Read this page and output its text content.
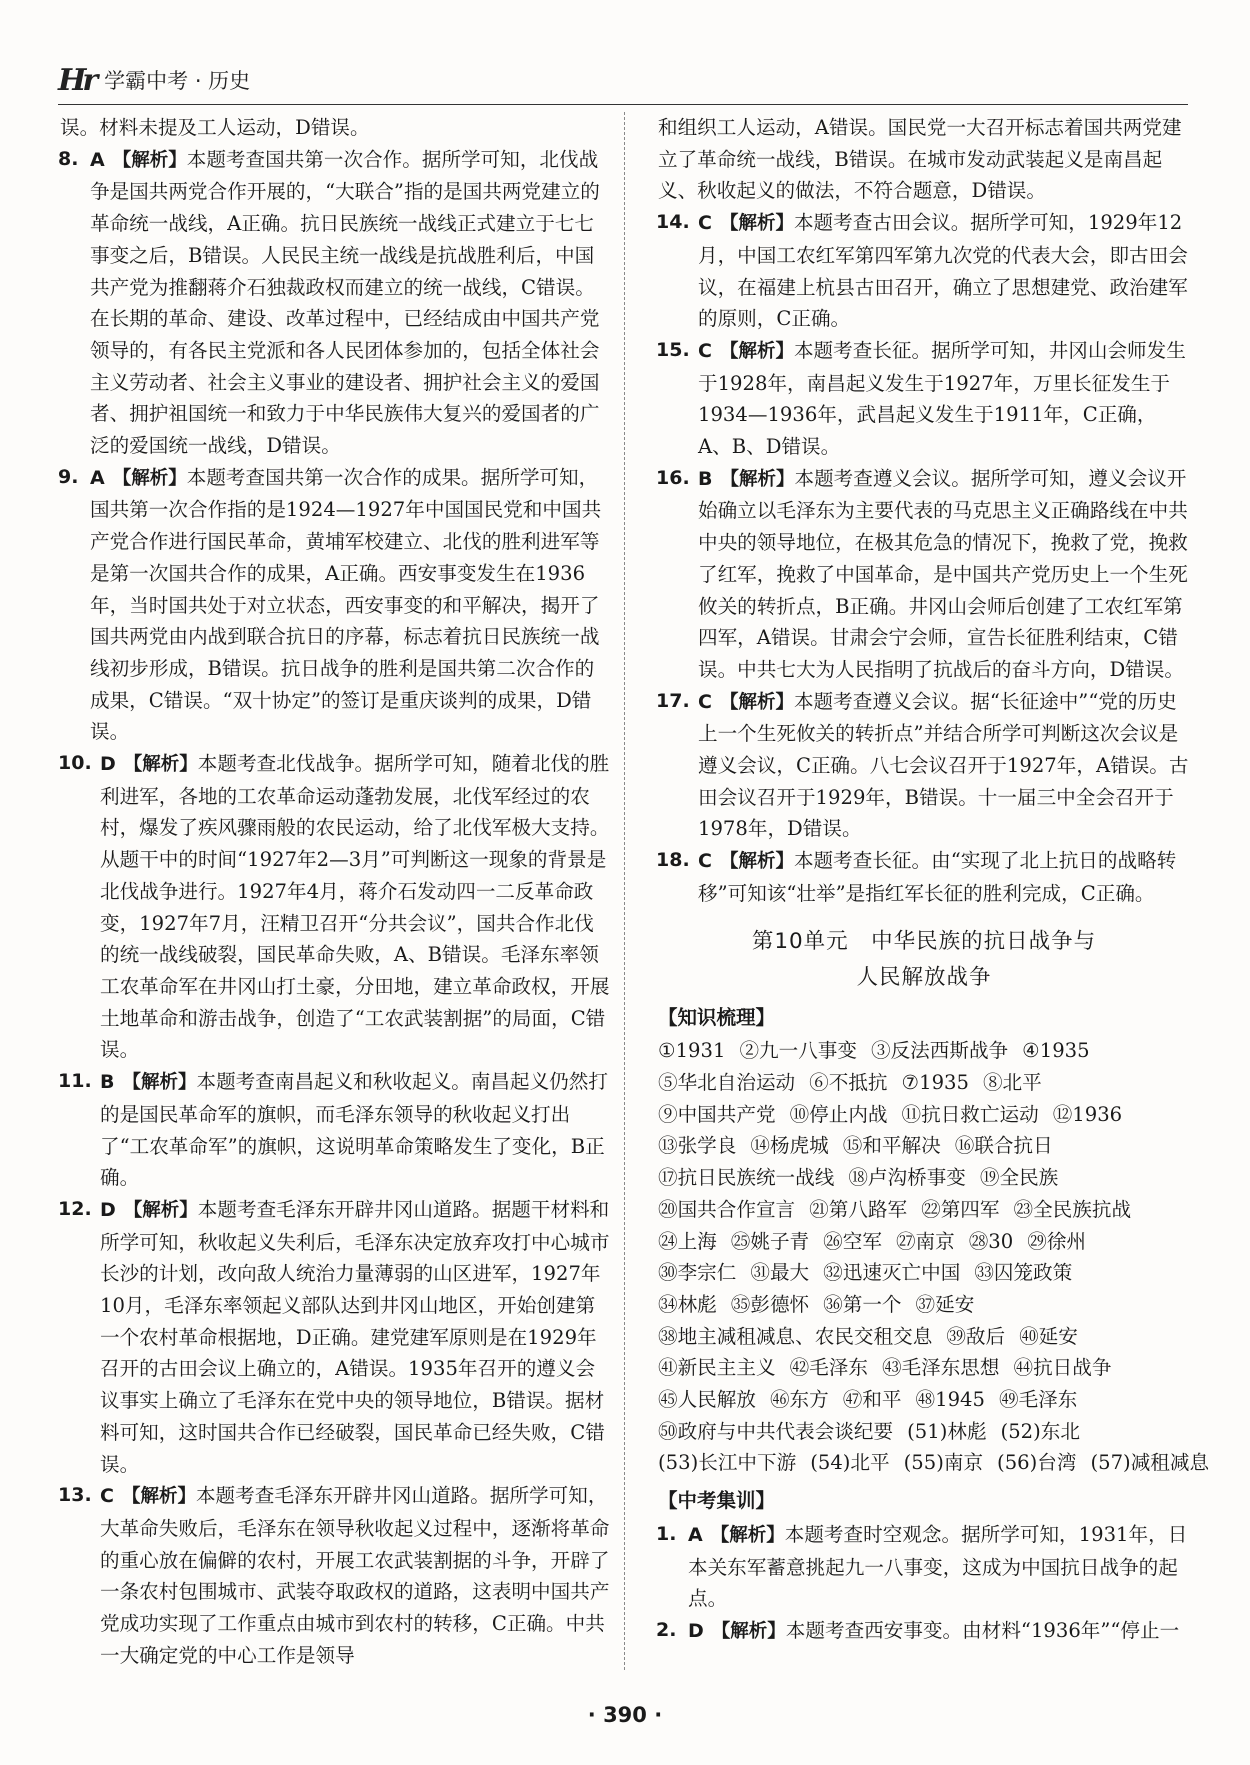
Hr 学霸中考 · 历史

误。材料未提及工人运动，D错误。

8. A 【解析】本题考查国共第一次合作。据所学可知，北伐战争是国共两党合作开展的，“大联合”指的是国共两党建立的革命统一战线，A正确。抗日民族统一战线正式建立于七七事变之后，B错误。人民民主统一战线是抗战胜利后，中国共产党为推翻蒋介石独裁政权而建立的统一战线，C错误。在长期的革命、建设、改革过程中，已经结成由中国共产党领导的，有各民主党派和各人民团体参加的，包括全体社会主义劳动者、社会主义事业的建设者、拥护社会主义的爱国者、拥护祖国统一和致力于中华民族伟大复兴的爱国者的广泛的爱国统一战线，D错误。

9. A 【解析】本题考查国共第一次合作的成果。据所学可知，国共第一次合作指的是1924—1927年中国国民党和中国共产党合作进行国民革命，黄埔军校建立、北伐的胜利进军等是第一次国共合作的成果，A正确。西安事变发生在1936年，当时国共处于对立状态，西安事变的和平解决，揭开了国共两党由内战到联合抗日的序幕，标志着抗日民族统一战线初步形成，B错误。抗日战争的胜利是国共第二次合作的成果，C错误。“双十协定”的签订是重庆谈判的成果，D错误。

10. D 【解析】本题考查北伐战争。据所学可知，随着北伐的胜利进军，各地的工农革命运动蓬勃发展，北伐军经过的农村，爆发了疾风骤雨般的农民运动，给了北伐军极大支持。从题干中的时间“1927年2—3月”可判断这一现象的背景是北伐战争进行。1927年4月，蒋介石发动四一二反革命政变，1927年7月，汪精卫召开“分共会议”，国共合作北伐的统一战线破裂，国民革命失败，A、B错误。毛泽东率领工农革命军在井冈山打土豪，分田地，建立革命政权，开展土地革命和游击战争，创造了“工农武装割据”的局面，C错误。

11. B 【解析】本题考查南昌起义和秋收起义。南昌起义仍然打的是国民革命军的旗帜，而毛泽东领导的秋收起义打出了“工农革命军”的旗帜，这说明革命策略发生了变化，B正确。

12. D 【解析】本题考查毛泽东开辟井冈山道路。据题干材料和所学可知，秋收起义失利后，毛泽东决定放弃攻打中心城市长沙的计划，改向敌人统治力量薄弱的山区进军，1927年10月，毛泽东率领起义部队达到井冈山地区，开始创建第一个农村革命根据地，D正确。建党建军原则是在1929年召开的古田会议上确立的，A错误。1935年召开的遵义会议事实上确立了毛泽东在党中央的领导地位，B错误。据材料可知，这时国共合作已经破裂，国民革命已经失败，C错误。

13. C 【解析】本题考查毛泽东开辟井冈山道路。据所学可知，大革命失败后，毛泽东在领导秋收起义过程中，逐渐将革命的重心放在偏僻的农村，开展工农武装割据的斗争，开辟了一条农村包围城市、武装夺取政权的道路，这表明中国共产党成功实现了工作重点由城市到农村的转移，C正确。中共一大确定党的中心工作是领导

和组织工人运动，A错误。国民党一大召开标志着国共两党建立了革命统一战线，B错误。在城市发动武装起义是南昌起义、秋收起义的做法，不符合题意，D错误。

14. C 【解析】本题考查古田会议。据所学可知，1929年12月，中国工农红军第四军第九次党的代表大会，即古田会议，在福建上杭县古田召开，确立了思想建党、政治建军的原则，C正确。

15. C 【解析】本题考查长征。据所学可知，井冈山会师发生于1928年，南昌起义发生于1927年，万里长征发生于1934—1936年，武昌起义发生于1911年，C正确，A、B、D错误。

16. B 【解析】本题考查遵义会议。据所学可知，遵义会议开始确立以毛泽东为主要代表的马克思主义正确路线在中共中央的领导地位，在极其危急的情况下，挽救了党，挽救了红军，挽救了中国革命，是中国共产党历史上一个生死攸关的转折点，B正确。井冈山会师后创建了工农红军第四军，A错误。甘肃会宁会师，宣告长征胜利结束，C错误。中共七大为人民指明了抗战后的奋斗方向，D错误。

17. C 【解析】本题考查遵义会议。据“长征途中”“党的历史上一个生死攸关的转折点”并结合所学可判断这次会议是遵义会议，C正确。八七会议召开于1927年，A错误。古田会议召开于1929年，B错误。十一届三中全会召开于1978年，D错误。

18. C 【解析】本题考查长征。由“实现了北上抗日的战略转移”可知该“壮举”是指红军长征的胜利完成，C正确。

第10单元　中华民族的抗日战争与
人民解放战争
【知识梳理】

①1931 ②九一八事变 ③反法西斯战争 ④1935

⑤华北自治运动 ⑥不抵抗 ⑦1935 ⑧北平

⑨中国共产党 ⑩停止内战 ⑪抗日救亡运动 ⑫1936

⑬张学良 ⑭杨虎城 ⑮和平解决 ⑯联合抗日

⑰抗日民族统一战线 ⑱卢沟桥事变 ⑲全民族

⑳国共合作宣言 ㉑第八路军 ㉒第四军 ㉓全民族抗战

㉔上海 ㉕姚子青 ㉖空军 ㉗南京 ㉘30 ㉙徐州

㉚李宗仁 ㉛最大 ㉜迅速灭亡中国 ㉝囚笼政策

㉞林彪 ㉟彭德怀 ㊱第一个 ㊲延安

㊳地主减租减息、农民交租交息 ㊴敌后 ㊵延安

㊶新民主主义 ㊷毛泽东 ㊸毛泽东思想 ㊹抗日战争

㊺人民解放 ㊻东方 ㊼和平 ㊽1945 ㊾毛泽东

㊿政府与中共代表会谈纪要 (51)林彪 (52)东北

(53)长江中下游 (54)北平 (55)南京 (56)台湾 (57)减租减息

【中考集训】

1. A 【解析】本题考查时空观念。据所学可知，1931年，日本关东军蓄意挑起九一八事变，这成为中国抗日战争的起点。

2. D 【解析】本题考查西安事变。由材料“1936年”“停止一

· 390 ·
